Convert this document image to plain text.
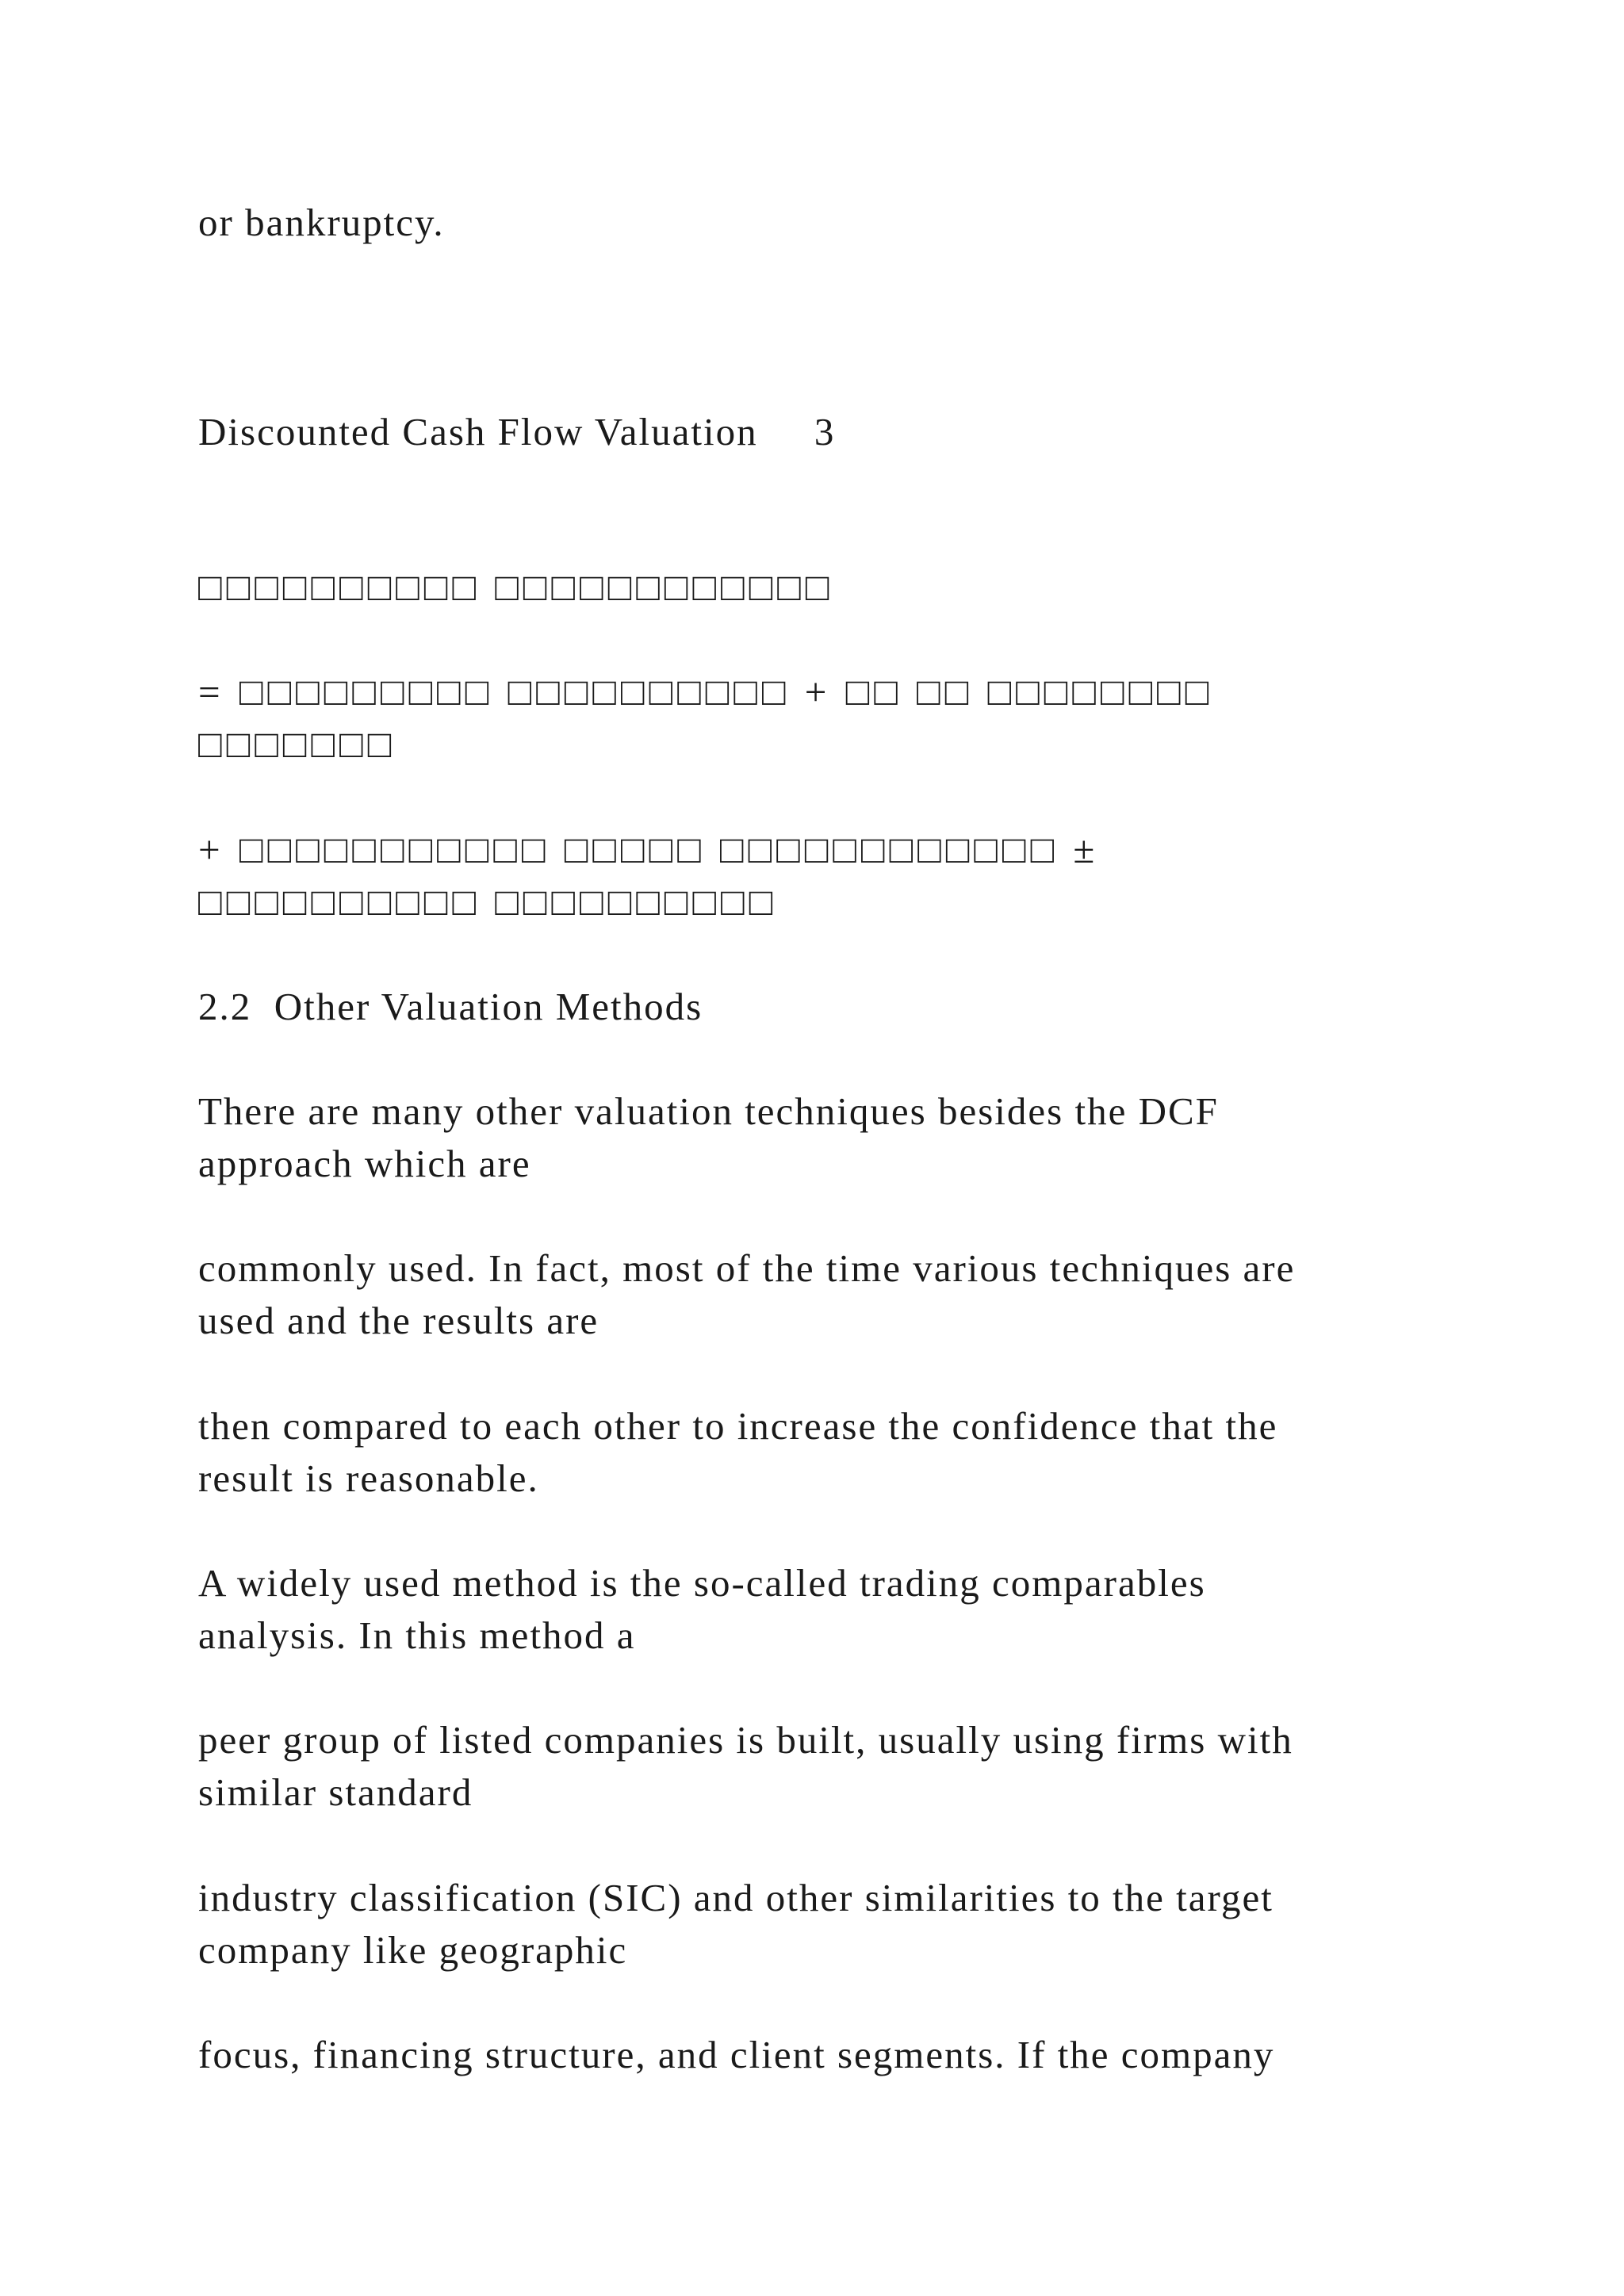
or bankruptcy.

Discounted Cash Flow Valuation     3

□□□□□□□□□□ □□□□□□□□□□□□

= □□□□□□□□□ □□□□□□□□□□ + □□ □□ □□□□□□□□

□□□□□□□

+ □□□□□□□□□□□ □□□□□ □□□□□□□□□□□□ ±

□□□□□□□□□□ □□□□□□□□□□

2.2  Other Valuation Methods

There are many other valuation techniques besides the DCF

approach which are

commonly used. In fact, most of the time various techniques are

used and the results are

then compared to each other to increase the confidence that the

result is reasonable.

A widely used method is the so-called trading comparables

analysis. In this method a

peer group of listed companies is built, usually using firms with

similar standard

industry classification (SIC) and other similarities to the target

company like geographic

focus, financing structure, and client segments. If the company
